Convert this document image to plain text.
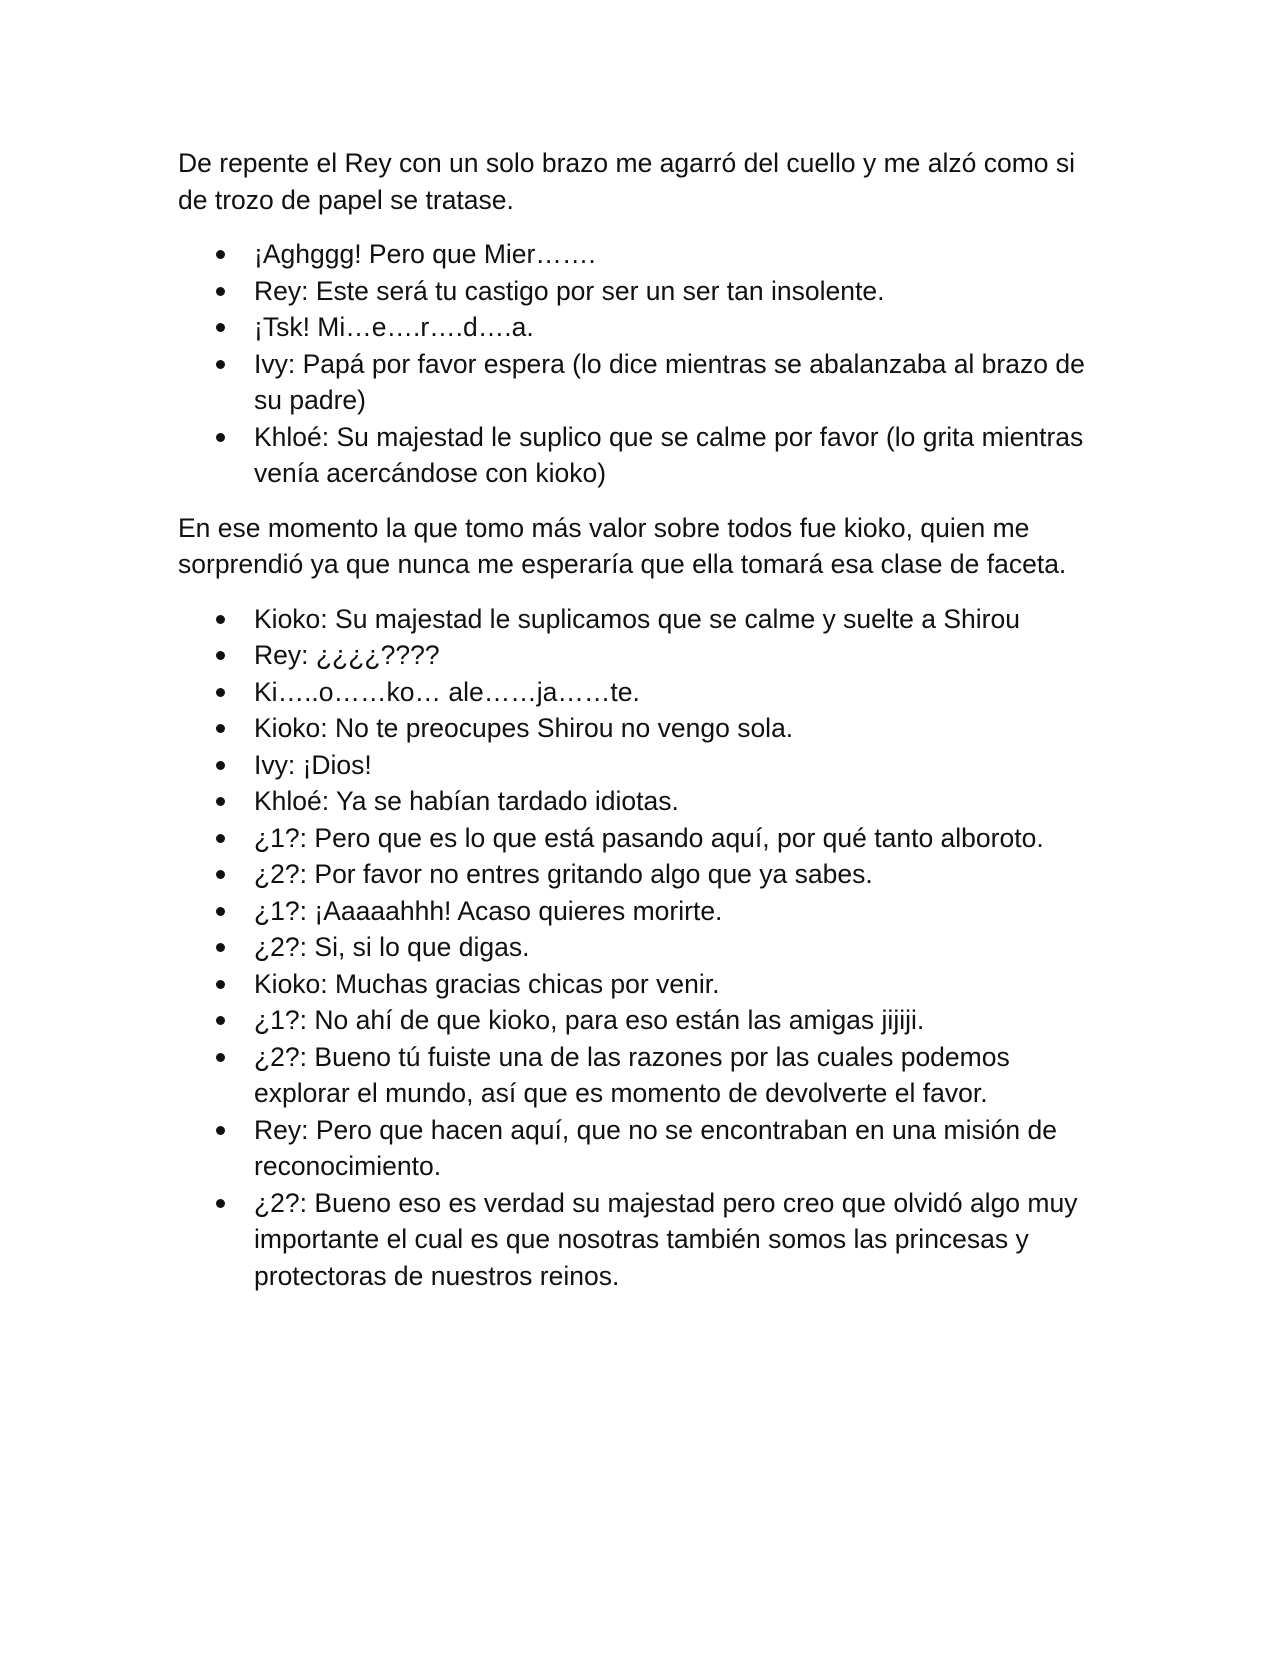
De repente el Rey con un solo brazo me agarró del cuello y me alzó como si de trozo de papel se tratase.

¡Aghggg! Pero que Mier…….
Rey: Este será tu castigo por ser un ser tan insolente.
¡Tsk! Mi…e….r….d….a.
Ivy: Papá por favor espera (lo dice mientras se abalanzaba al brazo de su padre)
Khloé: Su majestad le suplico que se calme por favor (lo grita mientras venía acercándose con kioko)

En ese momento la que tomo más valor sobre todos fue kioko, quien me sorprendió ya que nunca me esperaría que ella tomará esa clase de faceta.

Kioko: Su majestad le suplicamos que se calme y suelte a Shirou
Rey: ¿¿¿¿????
Ki…..o……ko… ale……ja……te.
Kioko: No te preocupes Shirou no vengo sola.
Ivy: ¡Dios!
Khloé: Ya se habían tardado idiotas.
¿1?: Pero que es lo que está pasando aquí, por qué tanto alboroto.
¿2?: Por favor no entres gritando algo que ya sabes.
¿1?: ¡Aaaaahhh! Acaso quieres morirte.
¿2?: Si, si lo que digas.
Kioko: Muchas gracias chicas por venir.
¿1?: No ahí de que kioko, para eso están las amigas jijiji.
¿2?: Bueno tú fuiste una de las razones por las cuales podemos explorar el mundo, así que es momento de devolverte el favor.
Rey: Pero que hacen aquí, que no se encontraban en una misión de reconocimiento.
¿2?: Bueno eso es verdad su majestad pero creo que olvidó algo muy importante el cual es que nosotras también somos las princesas y protectoras de nuestros reinos.
